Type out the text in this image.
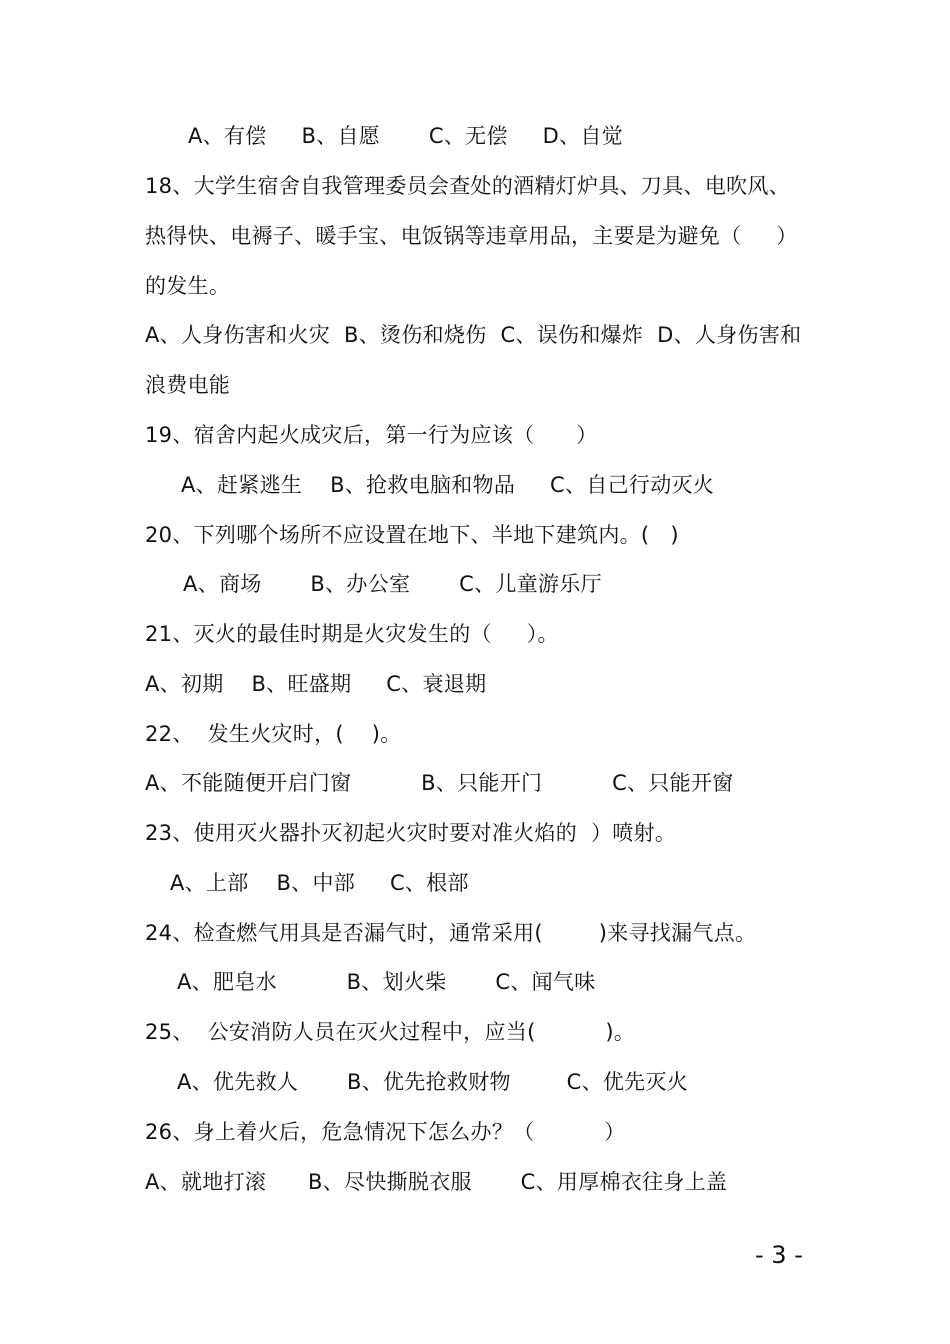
A、有偿     B、自愿       C、无偿     D、自觉
18、大学生宿舍自我管理委员会查处的酒精灯炉具、刀具、电吹风、
热得快、电褥子、暖手宝、电饭锅等违章用品，主要是为避免（     ）
的发生。
A、人身伤害和火灾  B、烫伤和烧伤  C、误伤和爆炸  D、人身伤害和
浪费电能
19、宿舍内起火成灾后，第一行为应该（      ）
A、赶紧逃生    B、抢救电脑和物品     C、自己行动灭火
20、下列哪个场所不应设置在地下、半地下建筑内。(   )
A、商场       B、办公室       C、儿童游乐厅
21、灭火的最佳时期是火灾发生的（     ）。
A、初期    B、旺盛期     C、衰退期
22、  发生火灾时，(    )。
A、不能随便开启门窗          B、只能开门          C、只能开窗
23、使用灭火器扑灭初起火灾时要对准火焰的  ）喷射。
A、上部    B、中部     C、根部
24、检查燃气用具是否漏气时，通常采用(        )来寻找漏气点。
A、肥皂水          B、划火柴       C、闻气味
25、  公安消防人员在灭火过程中，应当(          )。
A、优先救人       B、优先抢救财物        C、优先灭火
26、身上着火后，危急情况下怎么办？（          ）
A、就地打滚      B、尽快撕脱衣服       C、用厚棉衣往身上盖
- 3 -
